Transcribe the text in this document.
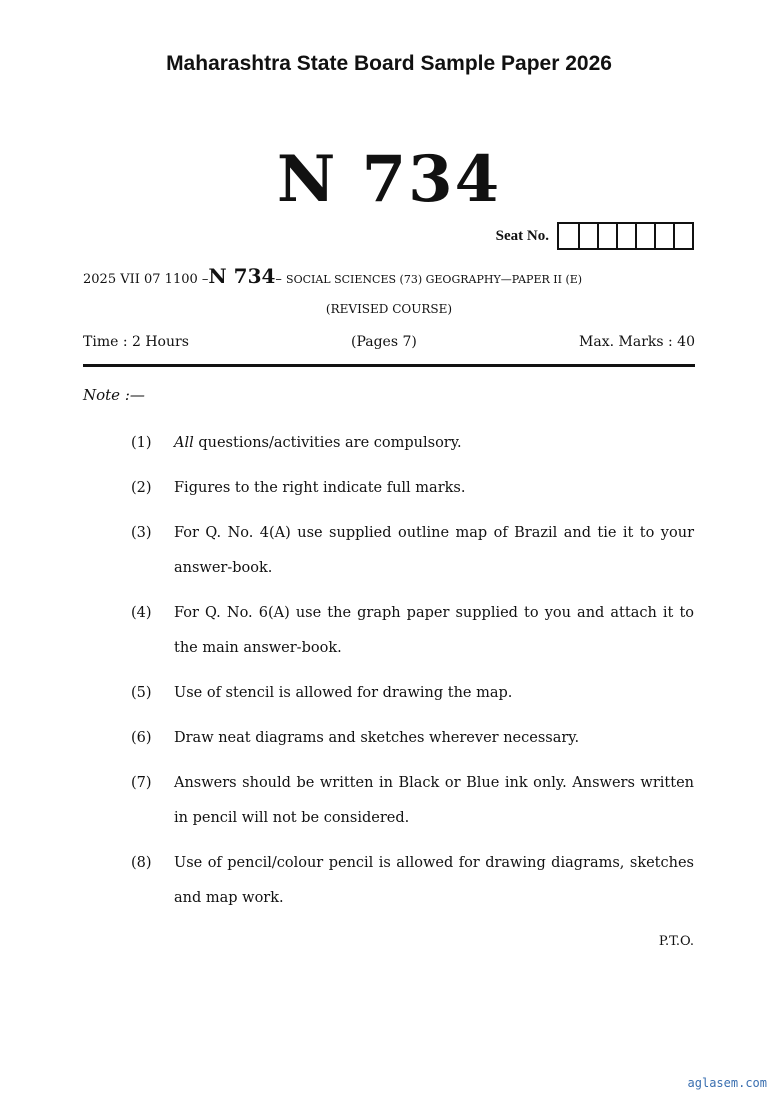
Maharashtra State Board Sample Paper 2026
N 734
Seat No.
2025 VII 07 1100 –N 734– SOCIAL SCIENCES (73) GEOGRAPHY—PAPER II (E)
(REVISED COURSE)
Time : 2 Hours	(Pages 7)	Max. Marks : 40
Note :—
(1) All questions/activities are compulsory.
(2) Figures to the right indicate full marks.
(3) For Q. No. 4(A) use supplied outline map of Brazil and tie it to your answer-book.
(4) For Q. No. 6(A) use the graph paper supplied to you and attach it to the main answer-book.
(5) Use of stencil is allowed for drawing the map.
(6) Draw neat diagrams and sketches wherever necessary.
(7) Answers should be written in Black or Blue ink only. Answers written in pencil will not be considered.
(8) Use of pencil/colour pencil is allowed for drawing diagrams, sketches and map work.
P.T.O.
aglasem.com
